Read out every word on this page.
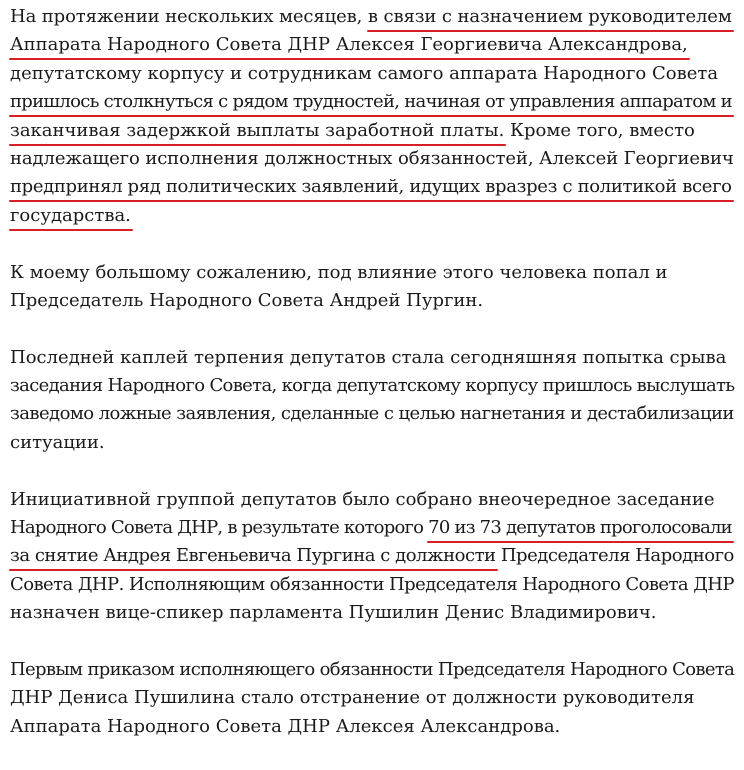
На протяжении нескольких месяцев, в связи с назначением руководителем
Аппарата Народного Совета ДНР Алексея Георгиевича Александрова,
депутатскому корпусу и сотрудникам самого аппарата Народного Совета
пришлось столкнуться с рядом трудностей, начиная от управления аппаратом и
заканчивая задержкой выплаты заработной платы. Кроме того, вместо
надлежащего исполнения должностных обязанностей, Алексей Георгиевич
предпринял ряд политических заявлений, идущих вразрез с политикой всего
государства.

К моему большому сожалению, под влияние этого человека попал и
Председатель Народного Совета Андрей Пургин.

Последней каплей терпения депутатов стала сегодняшняя попытка срыва
заседания Народного Совета, когда депутатскому корпусу пришлось выслушать
заведомо ложные заявления, сделанные с целью нагнетания и дестабилизации
ситуации.

Инициативной группой депутатов было собрано внеочередное заседание
Народного Совета ДНР, в результате которого 70 из 73 депутатов проголосовали
за снятие Андрея Евгеньевича Пургина с должности Председателя Народного
Совета ДНР. Исполняющим обязанности Председателя Народного Совета ДНР
назначен вице-спикер парламента Пушилин Денис Владимирович.

Первым приказом исполняющего обязанности Председателя Народного Совета
ДНР Дениса Пушилина стало отстранение от должности руководителя
Аппарата Народного Совета ДНР Алексея Александрова.
